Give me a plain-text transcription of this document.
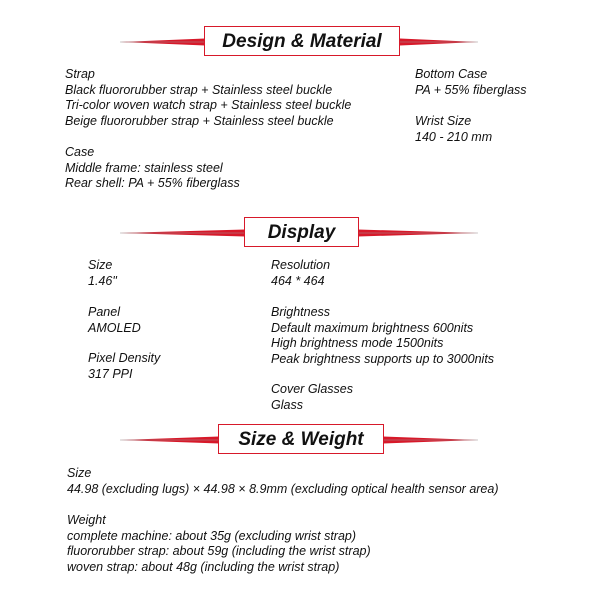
Design & Material
Strap
Black fluororubber strap + Stainless steel buckle
Tri-color woven watch strap + Stainless steel buckle
Beige fluororubber strap + Stainless steel buckle
Case
Middle frame: stainless steel
Rear shell: PA + 55% fiberglass
Bottom Case
PA + 55% fiberglass
Wrist Size
140 - 210 mm
Display
Size
1.46"
Panel
AMOLED
Pixel Density
317 PPI
Resolution
464 * 464
Brightness
Default maximum brightness 600nits
High brightness mode 1500nits
Peak brightness supports up to 3000nits
Cover Glasses
Glass
Size & Weight
Size
44.98 (excluding lugs) × 44.98 × 8.9mm (excluding optical health sensor area)
Weight
complete machine: about 35g (excluding wrist strap)
fluororubber strap: about 59g (including the wrist strap)
woven strap: about 48g (including the wrist strap)
